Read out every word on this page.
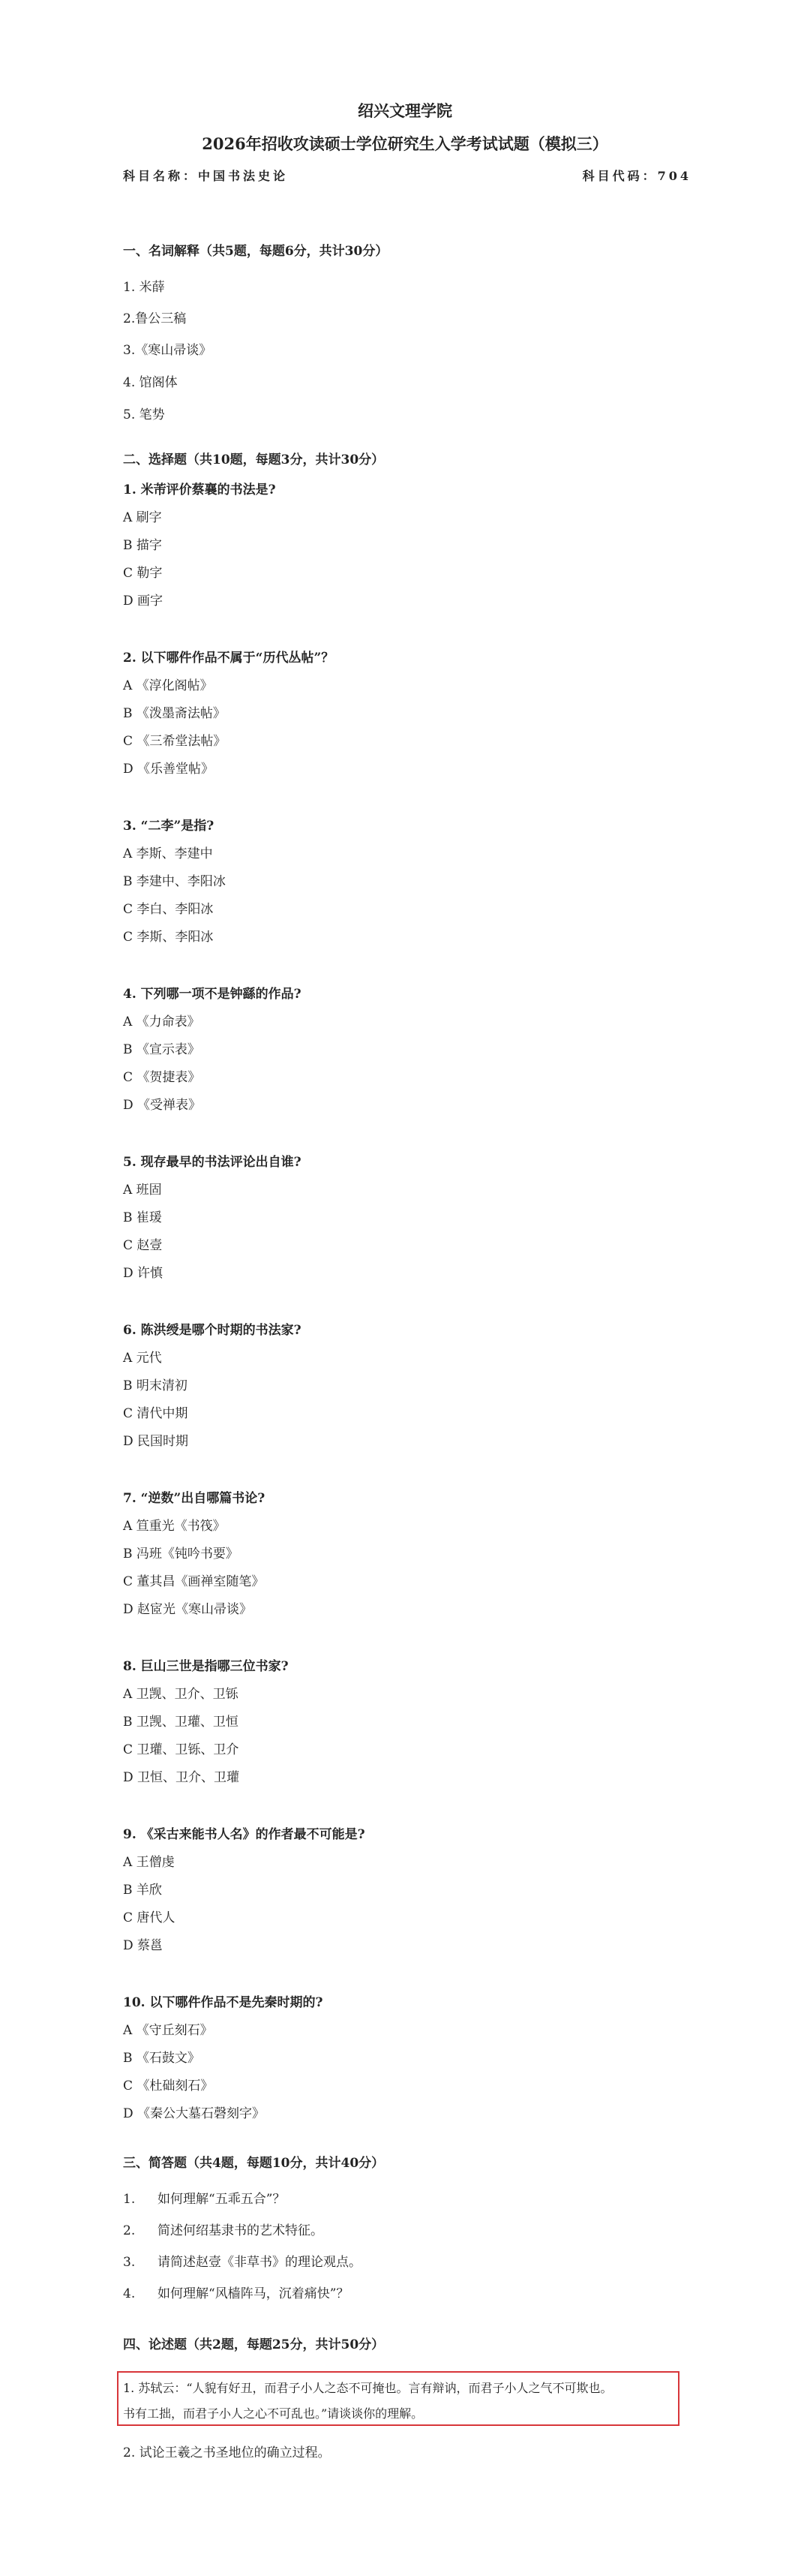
绍兴文理学院
2026年招收攻读硕士学位研究生入学考试试题（模拟三）
科目名称：中国书法史论	科目代码：704
一、名词解释（共5题，每题6分，共计30分）
1. 米薛
2.鲁公三稿
3.《寒山帚谈》
4. 馆阁体
5. 笔势
二、选择题（共10题，每题3分，共计30分）
1. 米芾评价蔡襄的书法是?
A 刷字
B 描字
C 勒字
D 画字
2. 以下哪件作品不属于“历代丛帖”？
A 《淳化阁帖》
B 《泼墨斋法帖》
C 《三希堂法帖》
D 《乐善堂帖》
3. “二李”是指?
A 李斯、李建中
B 李建中、李阳冰
C 李白、李阳冰
C 李斯、李阳冰
4. 下列哪一项不是钟繇的作品?
A 《力命表》
B 《宣示表》
C 《贺捷表》
D 《受禅表》
5. 现存最早的书法评论出自谁?
A 班固
B 崔瑗
C 赵壹
D 许慎
6. 陈洪绶是哪个时期的书法家?
A 元代
B 明末清初
C 清代中期
D 民国时期
7. “逆数”出自哪篇书论?
A 笪重光《书筏》
B 冯班《钝吟书要》
C 董其昌《画禅室随笔》
D 赵宧光《寒山帚谈》
8. 巨山三世是指哪三位书家?
A 卫觊、卫介、卫铄
B 卫觊、卫瓘、卫恒
C 卫瓘、卫铄、卫介
D 卫恒、卫介、卫瓘
9. 《采古来能书人名》的作者最不可能是?
A 王僧虔
B 羊欣
C 唐代人
D 蔡邕
10. 以下哪件作品不是先秦时期的?
A 《守丘刻石》
B 《石鼓文》
C 《杜础刻石》
D 《秦公大墓石磬刻字》
三、简答题（共4题，每题10分，共计40分）
1. 如何理解“五乖五合”？
2. 简述何绍基隶书的艺术特征。
3. 请简述赵壹《非草书》的理论观点。
4. 如何理解“风樯阵马，沉着痛快”？
四、论述题（共2题，每题25分，共计50分）
1. 苏轼云：“人貌有好丑，而君子小人之态不可掩也。言有辩讷，而君子小人之气不可欺也。
书有工拙，而君子小人之心不可乱也。”请谈谈你的理解。
2. 试论王羲之书圣地位的确立过程。
